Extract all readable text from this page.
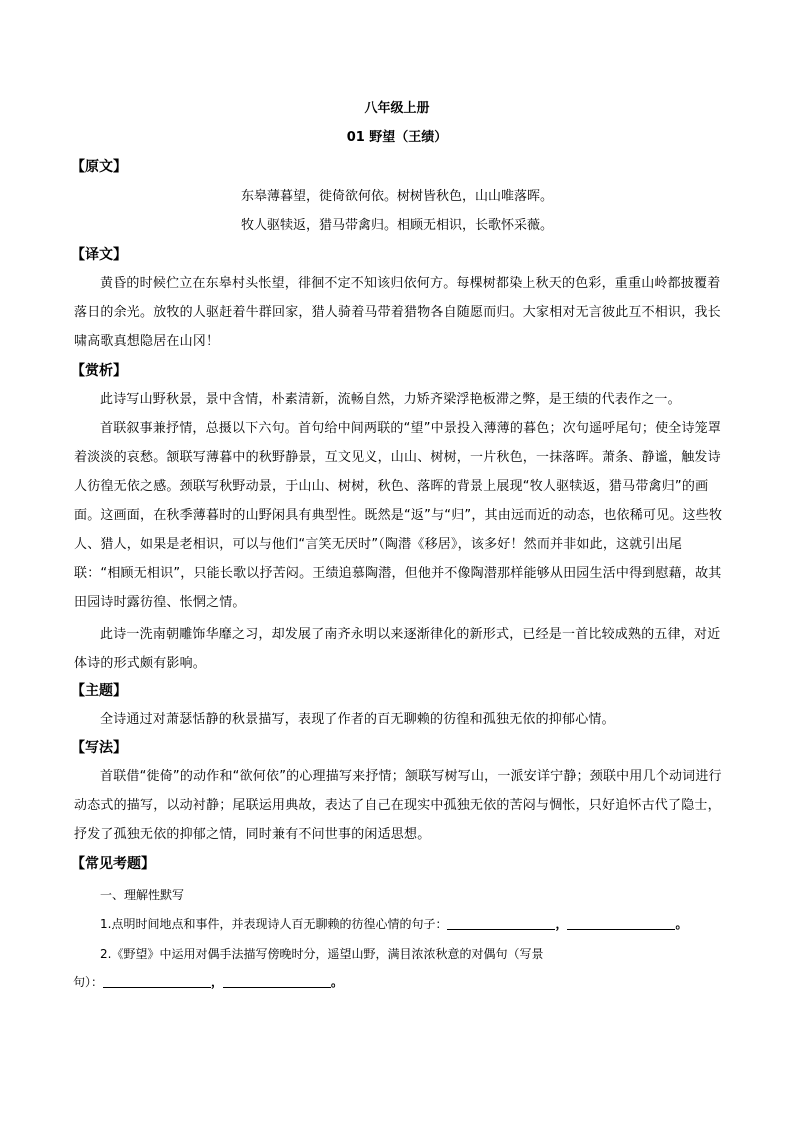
八年级上册
01 野望（王绩）
【原文】
东皋薄暮望，徙倚欲何依。树树皆秋色，山山唯落晖。
牧人驱犊返，猎马带禽归。相顾无相识，长歌怀采薇。
【译文】
黄昏的时候伫立在东皋村头怅望，徘徊不定不知该归依何方。每棵树都染上秋天的色彩，重重山岭都披覆着落日的余光。放牧的人驱赶着牛群回家，猎人骑着马带着猎物各自随愿而归。大家相对无言彼此互不相识，我长啸高歌真想隐居在山冈！
【赏析】
此诗写山野秋景，景中含情，朴素清新，流畅自然，力矫齐梁浮艳板滞之弊，是王绩的代表作之一。
首联叙事兼抒情，总摄以下六句。首句给中间两联的“望”中景投入薄薄的暮色；次句遥呼尾句；使全诗笼罩着淡淡的哀愁。颔联写薄暮中的秋野静景，互文见义，山山、树树，一片秋色，一抹落晖。萧条、静谧，触发诗人彷徨无依之感。颈联写秋野动景，于山山、树树，秋色、落晖的背景上展现“牧人驱犊返，猎马带禽归”的画面。这画面，在秋季薄暮时的山野闲具有典型性。既然是“返”与“归”，其由远而近的动态，也依稀可见。这些牧人、猎人，如果是老相识，可以与他们“言笑无厌时”（陶潜《移居》，该多好！然而并非如此，这就引出尾联：“相顾无相识”，只能长歌以抒苦闷。王绩追慕陶潜，但他并不像陶潜那样能够从田园生活中得到慰藉，故其田园诗时露彷徨、怅惘之情。
此诗一洗南朝雕饰华靡之习，却发展了南齐永明以来逐渐律化的新形式，已经是一首比较成熟的五律，对近体诗的形式颇有影响。
【主题】
全诗通过对萧瑟恬静的秋景描写，表现了作者的百无聊赖的彷徨和孤独无依的抑郁心情。
【写法】
首联借“徙倚”的动作和“欲何依”的心理描写来抒情；颔联写树写山，一派安详宁静；颈联中用几个动词进行动态式的描写，以动衬静；尾联运用典故，表达了自己在现实中孤独无依的苦闷与惆怅，只好追怀古代了隐士，抒发了孤独无依的抑郁之情，同时兼有不问世事的闲适思想。
【常见考题】
一、理解性默写
1.点明时间地点和事件，并表现诗人百无聊赖的彷徨心情的句子：	，	。
2.《野望》中运用对偶手法描写傍晚时分，遥望山野，满目浓浓秋意的对偶句（写景
句）：	，	。
